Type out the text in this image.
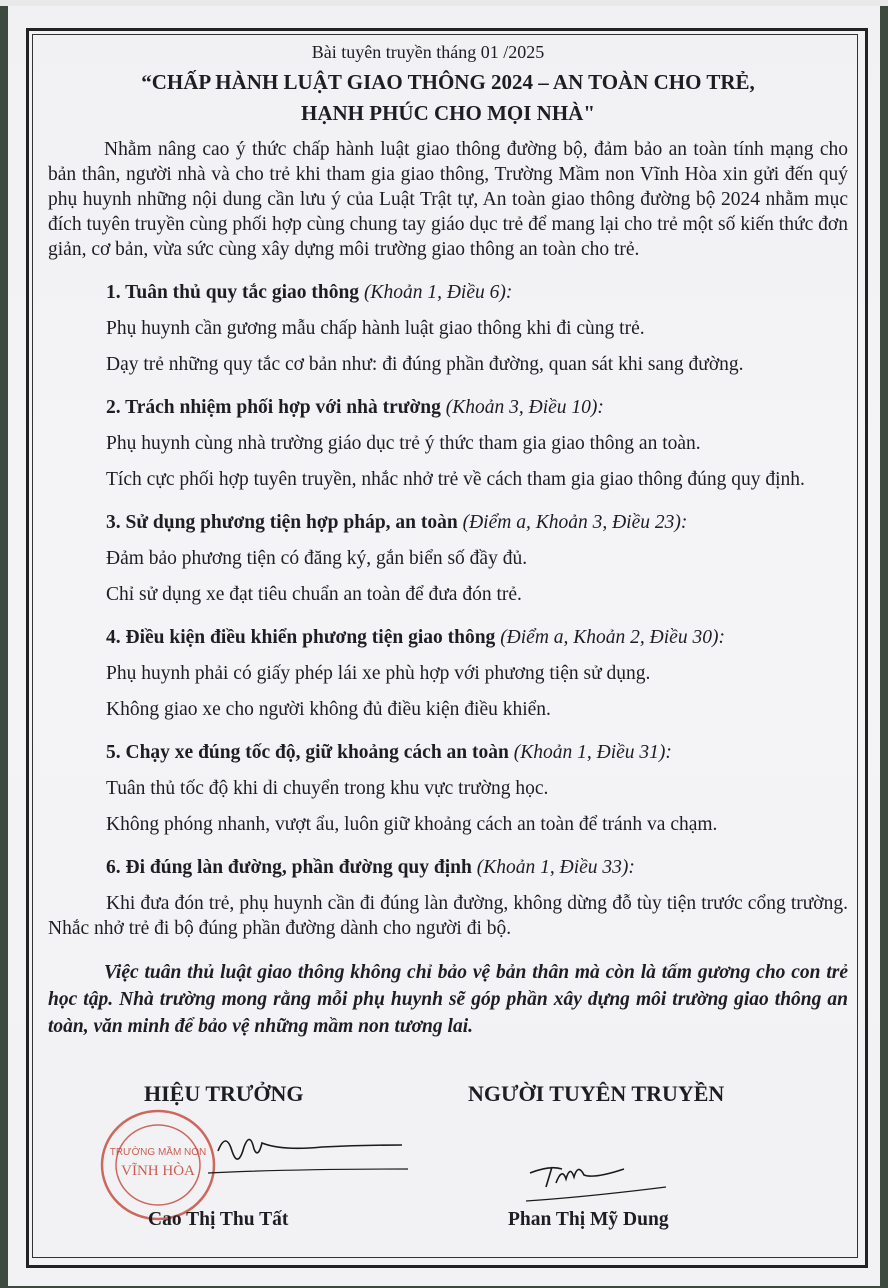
Bài tuyên truyền tháng 01 /2025
“CHẤP HÀNH LUẬT GIAO THÔNG 2024 – AN TOÀN CHO TRẺ,
HẠNH PHÚC CHO MỌI NHÀ"

Nhằm nâng cao ý thức chấp hành luật giao thông đường bộ, đảm bảo an toàn tính mạng cho bản thân, người nhà và cho trẻ khi tham gia giao thông, Trường Mầm non Vĩnh Hòa xin gửi đến quý phụ huynh những nội dung cần lưu ý của Luật Trật tự, An toàn giao thông đường bộ 2024 nhằm mục đích tuyên truyền cùng phối hợp cùng chung tay giáo dục trẻ để mang lại cho trẻ một số kiến thức đơn giản, cơ bản, vừa sức cùng xây dựng môi trường giao thông an toàn cho trẻ.

1. Tuân thủ quy tắc giao thông (Khoản 1, Điều 6):

Phụ huynh cần gương mẫu chấp hành luật giao thông khi đi cùng trẻ.

Dạy trẻ những quy tắc cơ bản như: đi đúng phần đường, quan sát khi sang đường.

2. Trách nhiệm phối hợp với nhà trường (Khoản 3, Điều 10):

Phụ huynh cùng nhà trường giáo dục trẻ ý thức tham gia giao thông an toàn.

Tích cực phối hợp tuyên truyền, nhắc nhở trẻ về cách tham gia giao thông đúng quy định.

3. Sử dụng phương tiện hợp pháp, an toàn (Điểm a, Khoản 3, Điều 23):

Đảm bảo phương tiện có đăng ký, gắn biển số đầy đủ.

Chỉ sử dụng xe đạt tiêu chuẩn an toàn để đưa đón trẻ.

4. Điều kiện điều khiển phương tiện giao thông (Điểm a, Khoản 2, Điều 30):

Phụ huynh phải có giấy phép lái xe phù hợp với phương tiện sử dụng.

Không giao xe cho người không đủ điều kiện điều khiển.

5. Chạy xe đúng tốc độ, giữ khoảng cách an toàn (Khoản 1, Điều 31):

Tuân thủ tốc độ khi di chuyển trong khu vực trường học.

Không phóng nhanh, vượt ẩu, luôn giữ khoảng cách an toàn để tránh va chạm.

6. Đi đúng làn đường, phần đường quy định (Khoản 1, Điều 33):

Khi đưa đón trẻ, phụ huynh cần đi đúng làn đường, không dừng đỗ tùy tiện trước cổng trường. Nhắc nhở trẻ đi bộ đúng phần đường dành cho người đi bộ.

Việc tuân thủ luật giao thông không chỉ bảo vệ bản thân mà còn là tấm gương cho con trẻ học tập. Nhà trường mong rằng mỗi phụ huynh sẽ góp phần xây dựng môi trường giao thông an toàn, văn minh để bảo vệ những mầm non tương lai.

TRƯỜNG MẦM NON
VĨNH HÒA
HIỆU TRƯỞNG	NGƯỜI TUYÊN TRUYỀN
Cao Thị Thu Tất	Phan Thị Mỹ Dung
